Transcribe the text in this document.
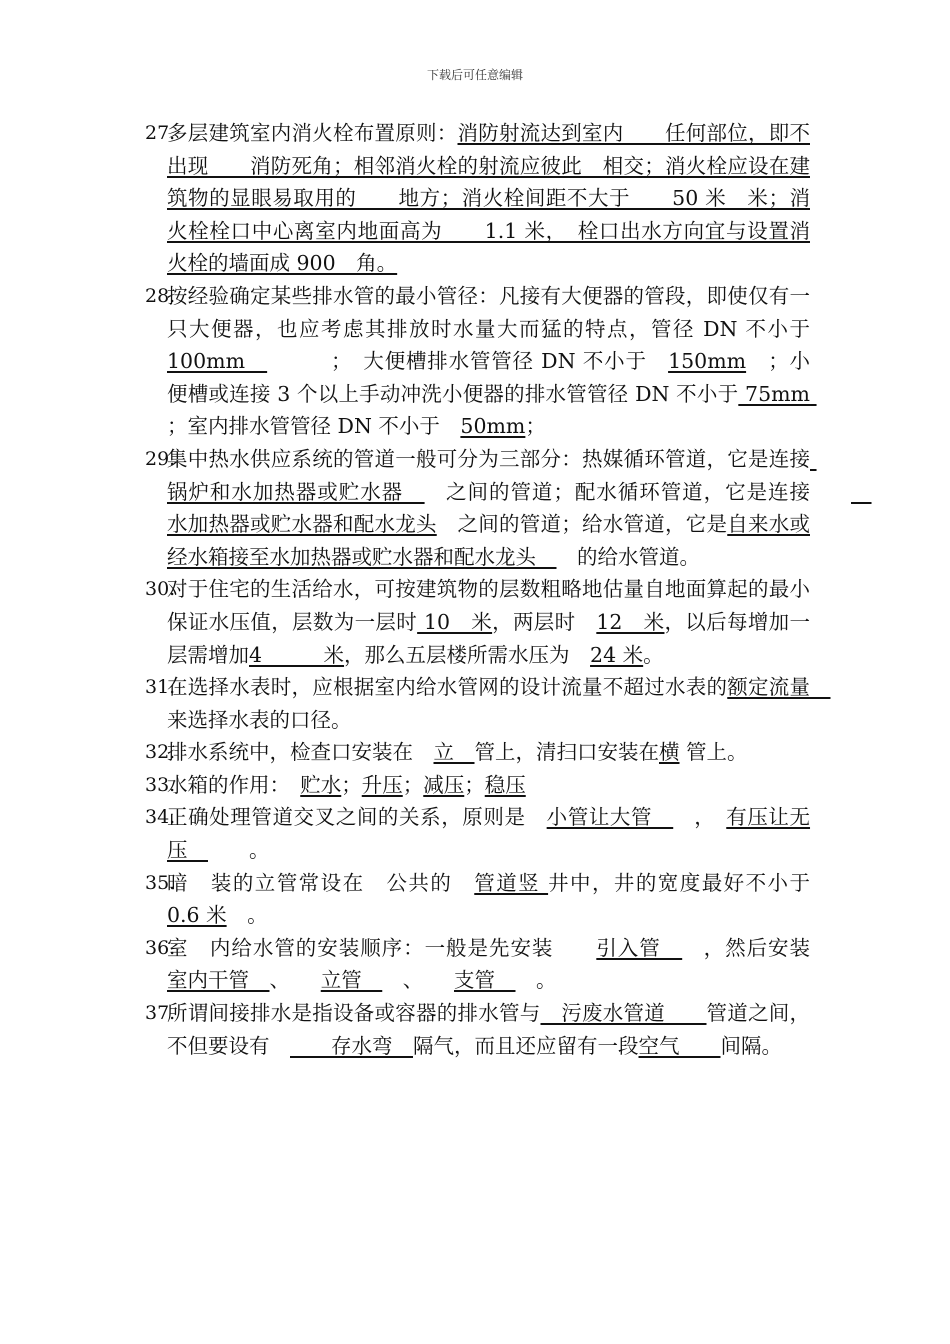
下载后可任意编辑
27.
多层建筑室内消火栓布置原则：消防射流达到室内　　任何部位，即不出现　　消防死角；相邻消火栓的射流应彼此　相交；消火栓应设在建筑物的显眼易取用的　　地方；消火栓间距不大于　　50 米　米；消火栓栓口中心离室内地面高为　　1.1 米，　栓口出水方向宜与设置消火栓的墙面成 900　角。
28.
按经验确定某些排水管的最小管径：凡接有大便器的管段，即使仅有一只大便器，也应考虑其排放时水量大而猛的特点，管径 DN 不小于　100mm　　　　；　大便槽排水管管径 DN 不小于　150mm　；小便槽或连接 3 个以上手动冲洗小便器的排水管管径 DN 不小于 75mm ；室内排水管管径 DN 不小于　50mm；
29.
集中热水供应系统的管道一般可分为三部分：热媒循环管道，它是连接 锅炉和水加热器或贮水器　　之间的管道；配水循环管道，它是连接　　　水加热器或贮水器和配水龙头　之间的管道；给水管道，它是自来水或经水箱接至水加热器或贮水器和配水龙头　　的给水管道。
30.
对于住宅的生活给水，可按建筑物的层数粗略地估量自地面算起的最小保证水压值，层数为一层时 10　米，两层时　12　米，以后每增加一层需增加4　　　米，那么五层楼所需水压为　24 米。
31.
在选择水表时，应根据室内给水管网的设计流量不超过水表的额定流量　　来选择水表的口径。
32.
排水系统中，检查口安装在　立　管上，清扫口安装在横 管上。
33.
水箱的作用：　贮水；升压；减压；稳压
34.
正确处理管道交叉之间的关系，原则是　小管让大管　　，　有压让无压　　　。
35.
暗　装的立管常设在　公共的　管道竖 井中，井的宽度最好不小于　0.6 米　。
36.
室　内给水管的安装顺序：一般是先安装　　引入管　　，然后安装　　室内干管　、　　立管　　、　　支管　　。
37.
所谓间接排水是指设备或容器的排水管与　污废水管道　　管道之间，不但要设有　　　存水弯　隔气，而且还应留有一段空气　　间隔。
